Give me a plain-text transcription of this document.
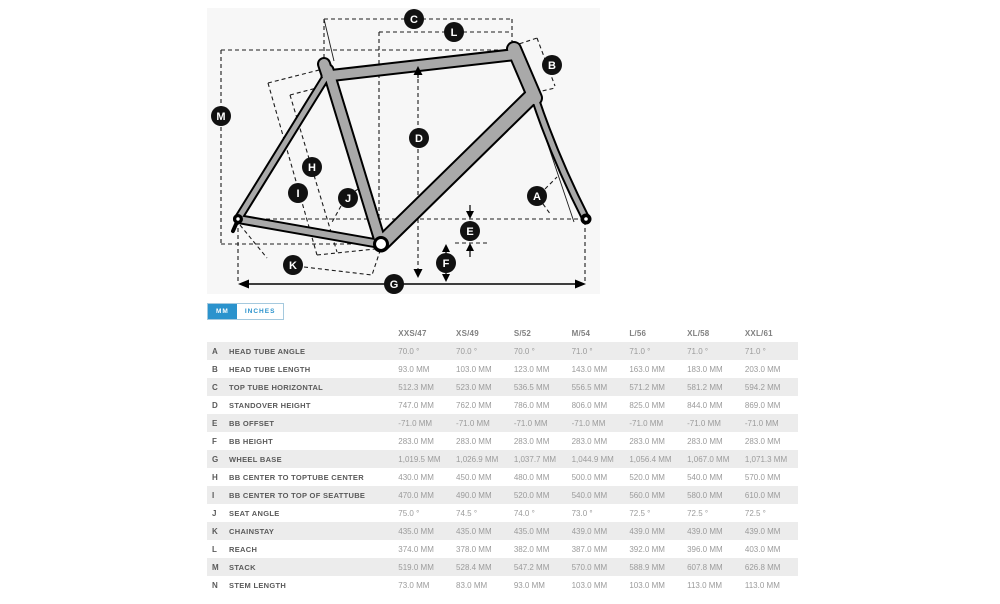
C
L
B
M
D
H
I	J	A
E
F
K
G
MM	INCHES
		XXS/47	XS/49	S/52	M/54	L/56	XL/58	XXL/61
A	HEAD TUBE ANGLE	70.0 °	70.0 °	70.0 °	71.0 °	71.0 °	71.0 °	71.0 °
B	HEAD TUBE LENGTH	93.0 MM	103.0 MM	123.0 MM	143.0 MM	163.0 MM	183.0 MM	203.0 MM
C	TOP TUBE HORIZONTAL	512.3 MM	523.0 MM	536.5 MM	556.5 MM	571.2 MM	581.2 MM	594.2 MM
D	STANDOVER HEIGHT	747.0 MM	762.0 MM	786.0 MM	806.0 MM	825.0 MM	844.0 MM	869.0 MM
E	BB OFFSET	-71.0 MM	-71.0 MM	-71.0 MM	-71.0 MM	-71.0 MM	-71.0 MM	-71.0 MM
F	BB HEIGHT	283.0 MM	283.0 MM	283.0 MM	283.0 MM	283.0 MM	283.0 MM	283.0 MM
G	WHEEL BASE	1,019.5 MM	1,026.9 MM	1,037.7 MM	1,044.9 MM	1,056.4 MM	1,067.0 MM	1,071.3 MM
H	BB CENTER TO TOPTUBE CENTER	430.0 MM	450.0 MM	480.0 MM	500.0 MM	520.0 MM	540.0 MM	570.0 MM
I	BB CENTER TO TOP OF SEATTUBE	470.0 MM	490.0 MM	520.0 MM	540.0 MM	560.0 MM	580.0 MM	610.0 MM
J	SEAT ANGLE	75.0 °	74.5 °	74.0 °	73.0 °	72.5 °	72.5 °	72.5 °
K	CHAINSTAY	435.0 MM	435.0 MM	435.0 MM	439.0 MM	439.0 MM	439.0 MM	439.0 MM
L	REACH	374.0 MM	378.0 MM	382.0 MM	387.0 MM	392.0 MM	396.0 MM	403.0 MM
M	STACK	519.0 MM	528.4 MM	547.2 MM	570.0 MM	588.9 MM	607.8 MM	626.8 MM
N	STEM LENGTH	73.0 MM	83.0 MM	93.0 MM	103.0 MM	103.0 MM	113.0 MM	113.0 MM
